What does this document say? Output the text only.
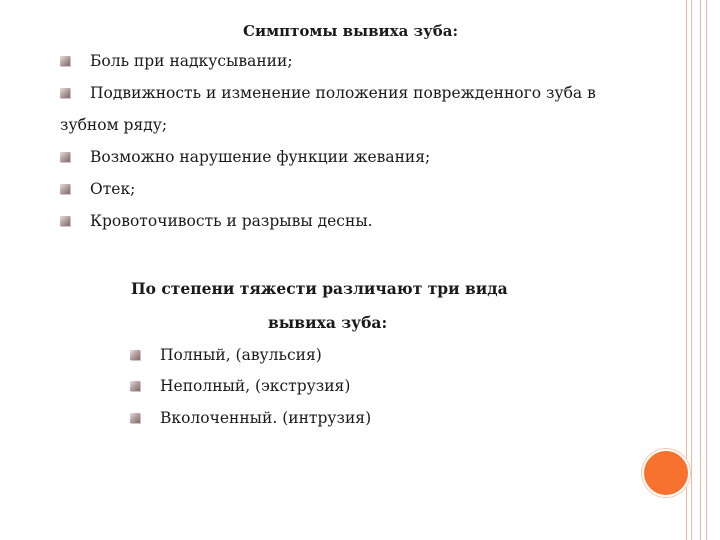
Симптомы вывиха зуба:
Боль при надкусывании;
Подвижность и изменение положения поврежденного зуба в
зубном ряду;
Возможно нарушение функции жевания;
Отек;
Кровоточивость и разрывы десны.
По степени тяжести различают три вида
вывиха зуба:
Полный, (авульсия)
Неполный, (экструзия)
Вколоченный. (интрузия)
